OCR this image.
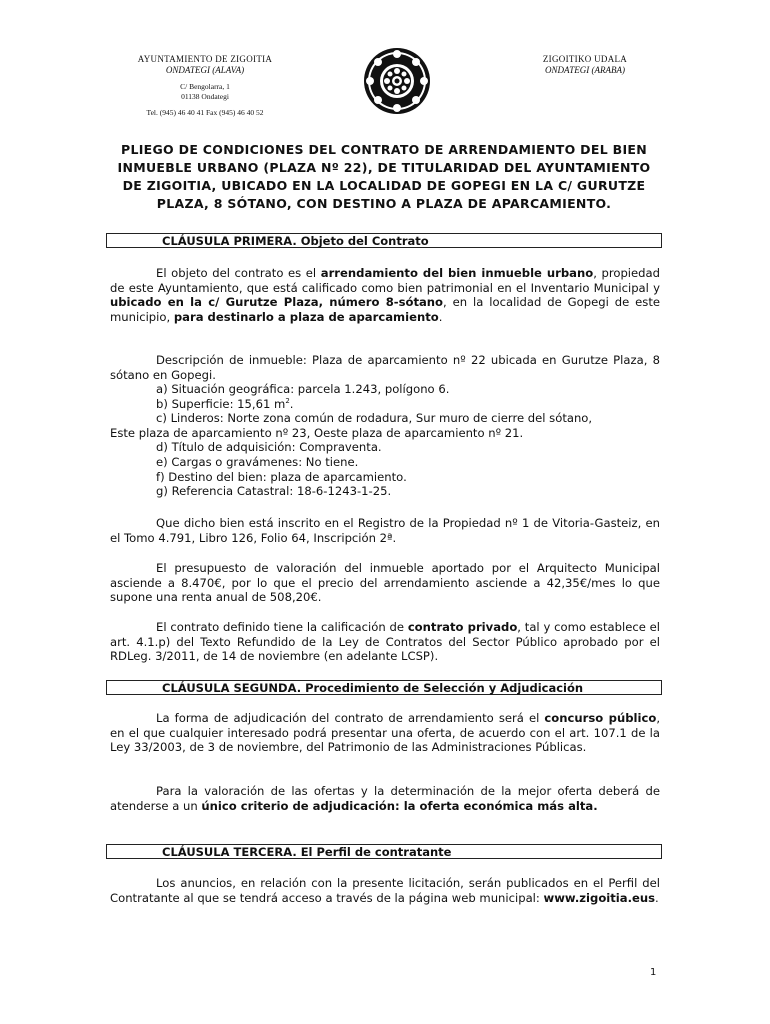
AYUNTAMIENTO DE ZIGOITIA
ONDATEGI (ALAVA)
C/ Bengolarra, 1
01138 Ondategi
Tel. (945) 46 40 41 Fax (945) 46 40 52
ZIGOITIKO UDALA
ONDATEGI (ARABA)
PLIEGO DE CONDICIONES DEL CONTRATO DE ARRENDAMIENTO DEL BIEN INMUEBLE URBANO (PLAZA Nº 22), DE TITULARIDAD DEL AYUNTAMIENTO DE ZIGOITIA, UBICADO EN LA LOCALIDAD DE GOPEGI EN LA C/ GURUTZE PLAZA, 8 SÓTANO, CON DESTINO A PLAZA DE APARCAMIENTO.
CLÁUSULA PRIMERA. Objeto del Contrato
El objeto del contrato es el arrendamiento del bien inmueble urbano, propiedad de este Ayuntamiento, que está calificado como bien patrimonial en el Inventario Municipal y ubicado en la c/ Gurutze Plaza, número 8-sótano, en la localidad de Gopegi de este municipio, para destinarlo a plaza de aparcamiento.
Descripción de inmueble: Plaza de aparcamiento nº 22 ubicada en Gurutze Plaza, 8 sótano en Gopegi.
a) Situación geográfica: parcela 1.243, polígono 6.
b) Superficie: 15,61 $m^2$.
c) Linderos: Norte zona común de rodadura, Sur muro de cierre del sótano,
Este plaza de aparcamiento nº 23, Oeste plaza de aparcamiento nº 21.
d) Título de adquisición: Compraventa.
e) Cargas o gravámenes: No tiene.
f) Destino del bien: plaza de aparcamiento.
g) Referencia Catastral: 18-6-1243-1-25.
Que dicho bien está inscrito en el Registro de la Propiedad nº 1 de Vitoria-Gasteiz, en el Tomo 4.791, Libro 126, Folio 64, Inscripción 2ª.
El presupuesto de valoración del inmueble aportado por el Arquitecto Municipal asciende a 8.470€, por lo que el precio del arrendamiento asciende a 42,35€/mes lo que supone una renta anual de 508,20€.
El contrato definido tiene la calificación de contrato privado, tal y como establece el art. 4.1.p) del Texto Refundido de la Ley de Contratos del Sector Público aprobado por el RDLeg. 3/2011, de 14 de noviembre (en adelante LCSP).
CLÁUSULA SEGUNDA. Procedimiento de Selección y Adjudicación
La forma de adjudicación del contrato de arrendamiento será el concurso público, en el que cualquier interesado podrá presentar una oferta, de acuerdo con el art. 107.1 de la Ley 33/2003, de 3 de noviembre, del Patrimonio de las Administraciones Públicas.
Para la valoración de las ofertas y la determinación de la mejor oferta deberá de atenderse a un único criterio de adjudicación: la oferta económica más alta.
CLÁUSULA TERCERA. El Perfil de contratante
Los anuncios, en relación con la presente licitación, serán publicados en el Perfil del Contratante al que se tendrá acceso a través de la página web municipal: www.zigoitia.eus.
1
